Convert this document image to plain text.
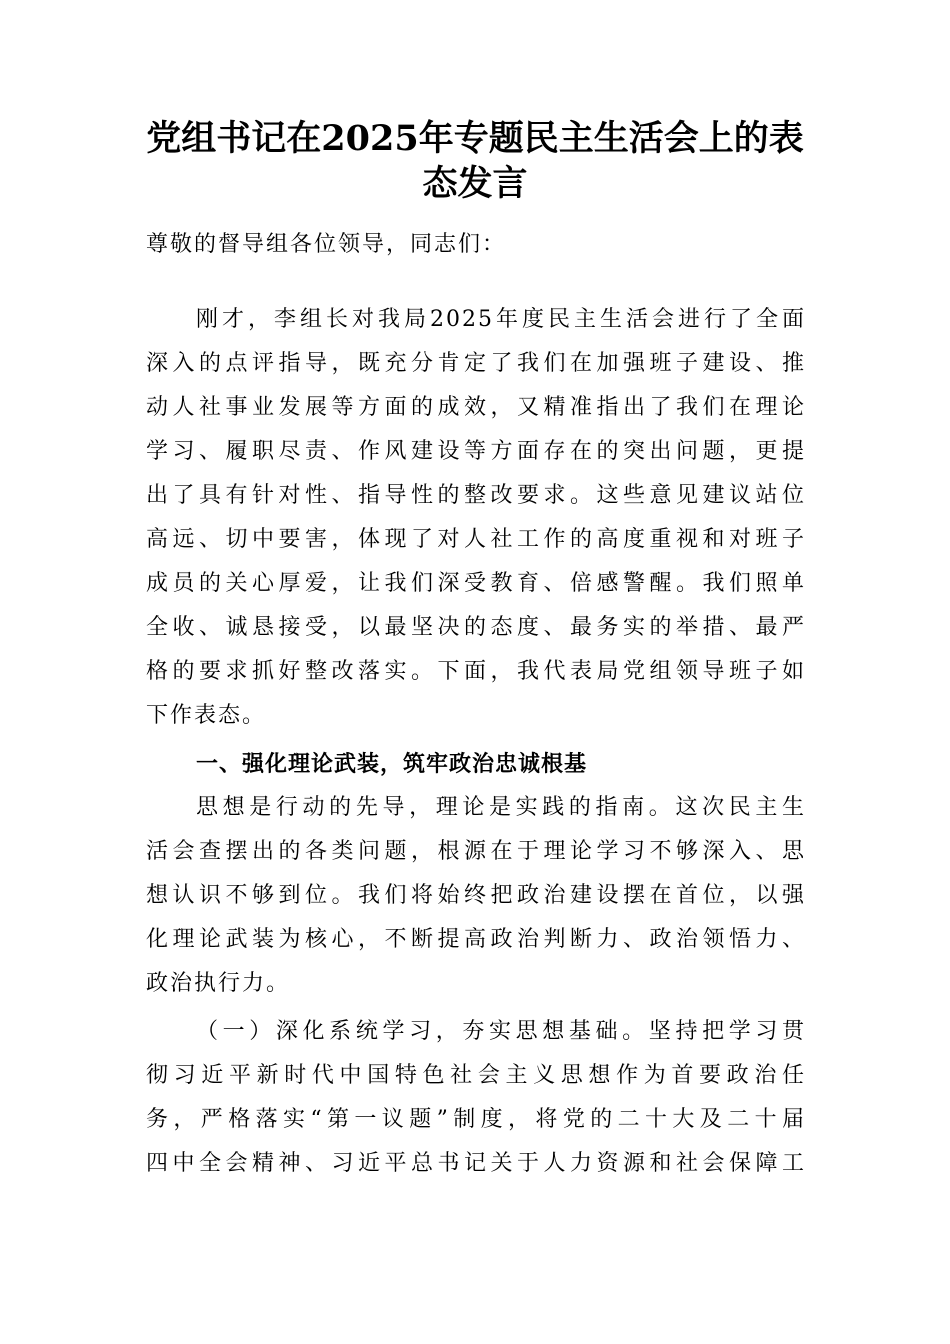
党组书记在2025年专题民主生活会上的表
态发言
尊敬的督导组各位领导，同志们：
刚才，李组长对我局2025年度民主生活会进行了全面
深入的点评指导，既充分肯定了我们在加强班子建设、推
动人社事业发展等方面的成效，又精准指出了我们在理论
学习、履职尽责、作风建设等方面存在的突出问题，更提
出了具有针对性、指导性的整改要求。这些意见建议站位
高远、切中要害，体现了对人社工作的高度重视和对班子
成员的关心厚爱，让我们深受教育、倍感警醒。我们照单
全收、诚恳接受，以最坚决的态度、最务实的举措、最严
格的要求抓好整改落实。下面，我代表局党组领导班子如
下作表态。
一、强化理论武装，筑牢政治忠诚根基
思想是行动的先导，理论是实践的指南。这次民主生
活会查摆出的各类问题，根源在于理论学习不够深入、思
想认识不够到位。我们将始终把政治建设摆在首位，以强
化理论武装为核心，不断提高政治判断力、政治领悟力、
政治执行力。
（一）深化系统学习，夯实思想基础。坚持把学习贯
彻习近平新时代中国特色社会主义思想作为首要政治任
务，严格落实“第一议题”制度，将党的二十大及二十届
四中全会精神、习近平总书记关于人力资源和社会保障工
